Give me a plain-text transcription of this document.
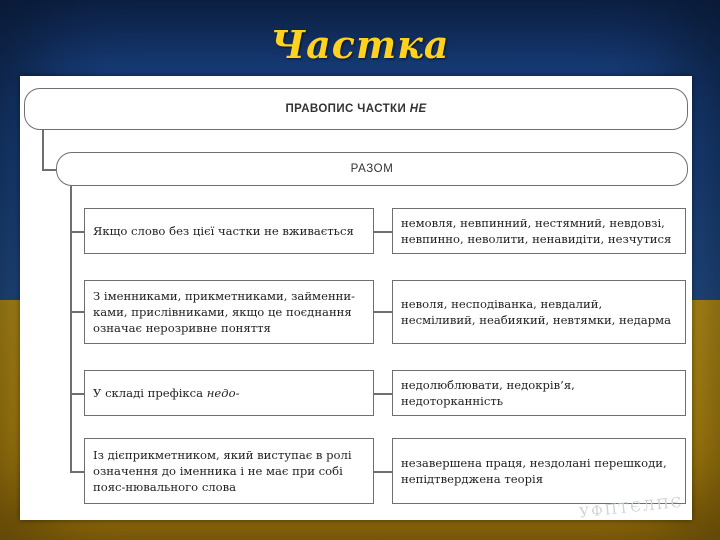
Частка
ПРАВОПИС ЧАСТКИ
НЕ
РАЗОМ
Якщо слово без цієї частки не вживається
немовля, невпинний, нестямний, невдовзі, невпинно, неволити, ненавидіти, незчутися
З іменниками, прикметниками, займенни-ками, прислівниками, якщо це поєднання означає нерозривне поняття
неволя, несподіванка, невдалий, несміливий, неабиякий, невтямки, недарма
У складі префікса недо-
недолюблювати, недокрів’я, недоторканність
Із дієприкметником, який виступає в ролі означення до іменника і не має при собі пояс-нювального слова
незавершена праця, нездолані перешкоди, непідтверджена теорія
УФПТЄЛПЄ
